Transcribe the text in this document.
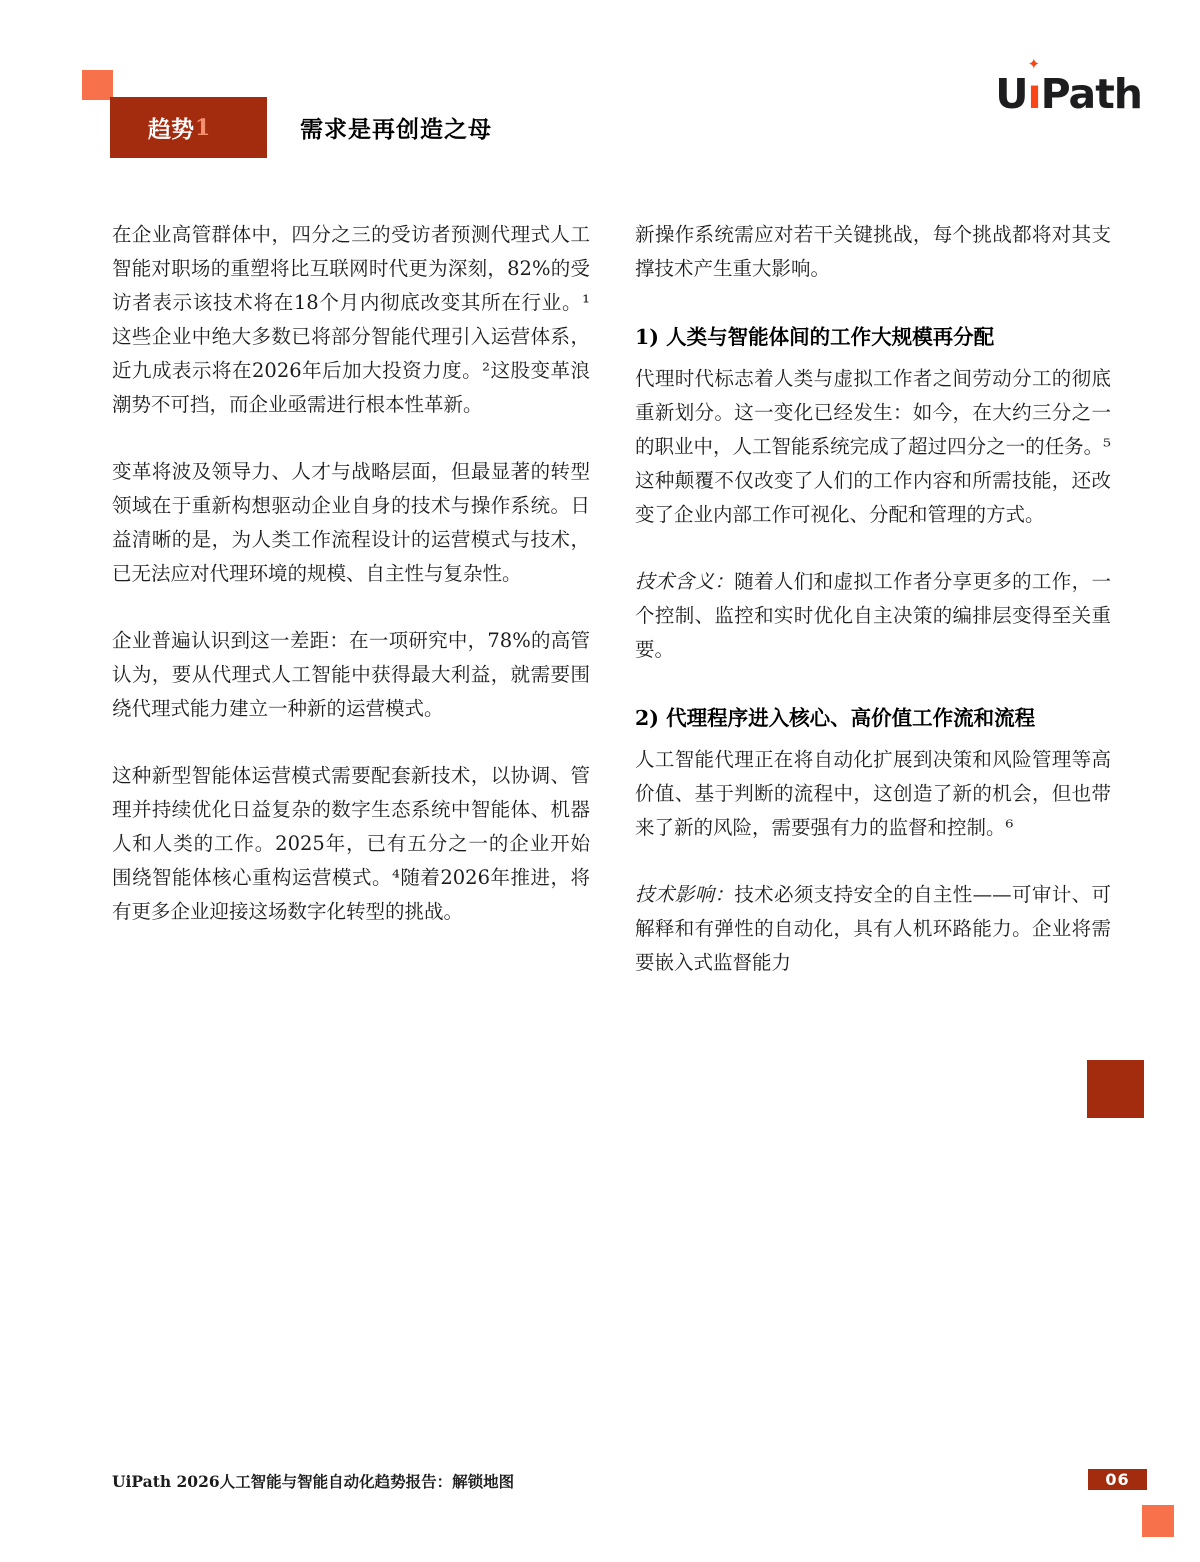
趋势 1	需求是再创造之母
Uı
✦
Path

在企业高管群体中，四分之三的受访者预测代理式人工智能对职场的重塑将比互联网时代更为深刻，82%的受访者表示该技术将在18个月内彻底改变其所在行业。¹这些企业中绝大多数已将部分智能代理引入运营体系，近九成表示将在2026年后加大投资力度。²这股变革浪潮势不可挡，而企业亟需进行根本性革新。

变革将波及领导力、人才与战略层面，但最显著的转型领域在于重新构想驱动企业自身的技术与操作系统。日益清晰的是，为人类工作流程设计的运营模式与技术，已无法应对代理环境的规模、自主性与复杂性。

企业普遍认识到这一差距：在一项研究中，78%的高管认为，要从代理式人工智能中获得最大利益，就需要围绕代理式能力建立一种新的运营模式。

这种新型智能体运营模式需要配套新技术，以协调、管理并持续优化日益复杂的数字生态系统中智能体、机器人和人类的工作。2025年，已有五分之一的企业开始围绕智能体核心重构运营模式。⁴随着2026年推进，将有更多企业迎接这场数字化转型的挑战。

新操作系统需应对若干关键挑战，每个挑战都将对其支撑技术产生重大影响。

1) 人类与智能体间的工作大规模再分配

代理时代标志着人类与虚拟工作者之间劳动分工的彻底重新划分。这一变化已经发生：如今，在大约三分之一的职业中，人工智能系统完成了超过四分之一的任务。⁵ 这种颠覆不仅改变了人们的工作内容和所需技能，还改变了企业内部工作可视化、分配和管理的方式。

技术含义：随着人们和虚拟工作者分享更多的工作，一个控制、监控和实时优化自主决策的编排层变得至关重要。

2) 代理程序进入核心、高价值工作流和流程

人工智能代理正在将自动化扩展到决策和风险管理等高价值、基于判断的流程中，这创造了新的机会，但也带来了新的风险，需要强有力的监督和控制。⁶

技术影响：技术必须支持安全的自主性——可审计、可解释和有弹性的自动化，具有人机环路能力。企业将需要嵌入式监督能力

UiPath 2026人工智能与智能自动化趋势报告：解锁地图	06
